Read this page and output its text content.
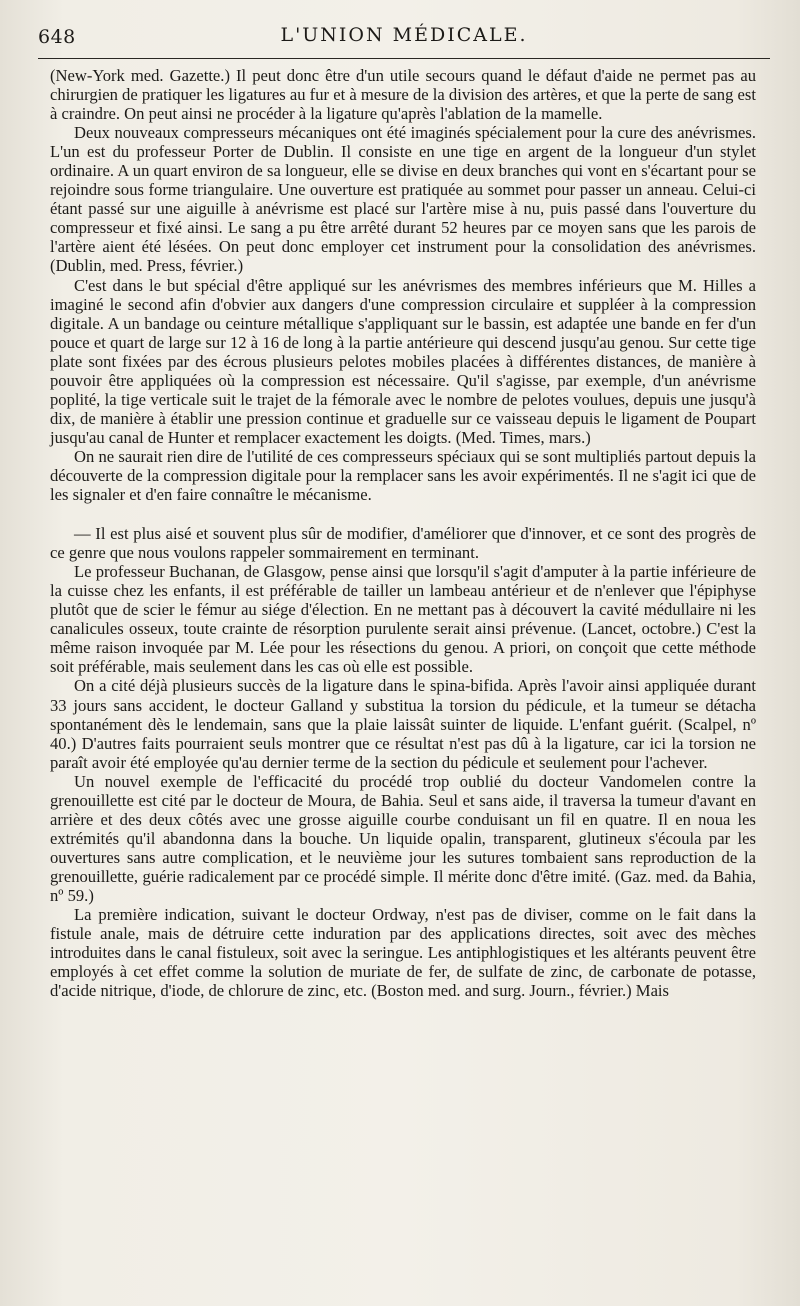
648	L'UNION MÉDICALE.

(New-York med. Gazette.) Il peut donc être d'un utile secours quand le défaut d'aide ne permet pas au chirurgien de pratiquer les ligatures au fur et à mesure de la division des artères, et que la perte de sang est à craindre. On peut ainsi ne procéder à la ligature qu'après l'ablation de la mamelle.

Deux nouveaux compresseurs mécaniques ont été imaginés spécialement pour la cure des anévrismes. L'un est du professeur Porter de Dublin. Il consiste en une tige en argent de la longueur d'un stylet ordinaire. A un quart environ de sa longueur, elle se divise en deux branches qui vont en s'écartant pour se rejoindre sous forme triangulaire. Une ouverture est pratiquée au sommet pour passer un anneau. Celui-ci étant passé sur une aiguille à anévrisme est placé sur l'artère mise à nu, puis passé dans l'ouverture du compresseur et fixé ainsi. Le sang a pu être arrêté durant 52 heures par ce moyen sans que les parois de l'artère aient été lésées. On peut donc employer cet instrument pour la consolidation des anévrismes. (Dublin, med. Press, février.)

C'est dans le but spécial d'être appliqué sur les anévrismes des membres inférieurs que M. Hilles a imaginé le second afin d'obvier aux dangers d'une compression circulaire et suppléer à la compression digitale. A un bandage ou ceinture métallique s'appliquant sur le bassin, est adaptée une bande en fer d'un pouce et quart de large sur 12 à 16 de long à la partie antérieure qui descend jusqu'au genou. Sur cette tige plate sont fixées par des écrous plusieurs pelotes mobiles placées à différentes distances, de manière à pouvoir être appliquées où la compression est nécessaire. Qu'il s'agisse, par exemple, d'un anévrisme poplité, la tige verticale suit le trajet de la fémorale avec le nombre de pelotes voulues, depuis une jusqu'à dix, de manière à établir une pression continue et graduelle sur ce vaisseau depuis le ligament de Poupart jusqu'au canal de Hunter et remplacer exactement les doigts. (Med. Times, mars.)

On ne saurait rien dire de l'utilité de ces compresseurs spéciaux qui se sont multipliés partout depuis la découverte de la compression digitale pour la remplacer sans les avoir expérimentés. Il ne s'agit ici que de les signaler et d'en faire connaître le mécanisme.

— Il est plus aisé et souvent plus sûr de modifier, d'améliorer que d'innover, et ce sont des progrès de ce genre que nous voulons rappeler sommairement en terminant.

Le professeur Buchanan, de Glasgow, pense ainsi que lorsqu'il s'agit d'amputer à la partie inférieure de la cuisse chez les enfants, il est préférable de tailler un lambeau antérieur et de n'enlever que l'épiphyse plutôt que de scier le fémur au siége d'élection. En ne mettant pas à découvert la cavité médullaire ni les canalicules osseux, toute crainte de résorption purulente serait ainsi prévenue. (Lancet, octobre.) C'est la même raison invoquée par M. Lée pour les résections du genou. A priori, on conçoit que cette méthode soit préférable, mais seulement dans les cas où elle est possible.

On a cité déjà plusieurs succès de la ligature dans le spina-bifida. Après l'avoir ainsi appliquée durant 33 jours sans accident, le docteur Galland y substitua la torsion du pédicule, et la tumeur se détacha spontanément dès le lendemain, sans que la plaie laissât suinter de liquide. L'enfant guérit. (Scalpel, nº 40.) D'autres faits pourraient seuls montrer que ce résultat n'est pas dû à la ligature, car ici la torsion ne paraît avoir été employée qu'au dernier terme de la section du pédicule et seulement pour l'achever.

Un nouvel exemple de l'efficacité du procédé trop oublié du docteur Vandomelen contre la grenouillette est cité par le docteur de Moura, de Bahia. Seul et sans aide, il traversa la tumeur d'avant en arrière et des deux côtés avec une grosse aiguille courbe conduisant un fil en quatre. Il en noua les extrémités qu'il abandonna dans la bouche. Un liquide opalin, transparent, glutineux s'écoula par les ouvertures sans autre complication, et le neuvième jour les sutures tombaient sans reproduction de la grenouillette, guérie radicalement par ce procédé simple. Il mérite donc d'être imité. (Gaz. med. da Bahia, nº 59.)

La première indication, suivant le docteur Ordway, n'est pas de diviser, comme on le fait dans la fistule anale, mais de détruire cette induration par des applications directes, soit avec des mèches introduites dans le canal fistuleux, soit avec la seringue. Les antiphlogistiques et les altérants peuvent être employés à cet effet comme la solution de muriate de fer, de sulfate de zinc, de carbonate de potasse, d'acide nitrique, d'iode, de chlorure de zinc, etc. (Boston med. and surg. Journ., février.) Mais
